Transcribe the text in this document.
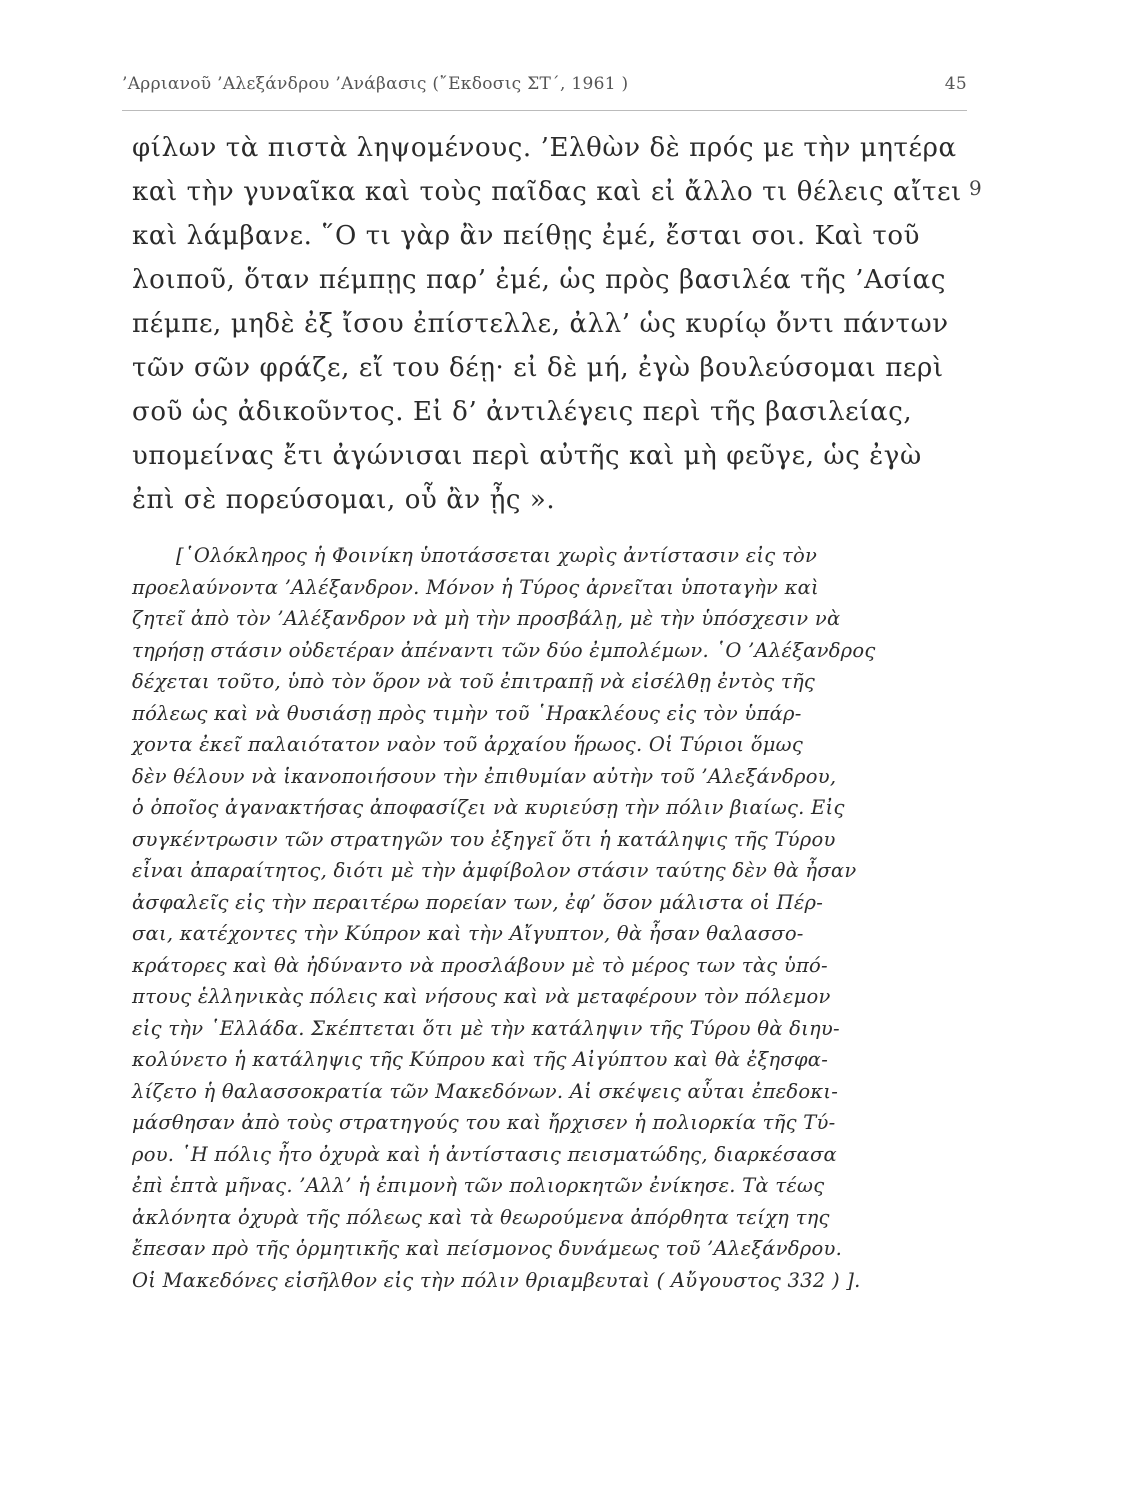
’Αρριανοῦ ’Αλεξάνδρου ’Ανάβασις (῎Εκδοσις ΣΤ΄, 1961 )	45
9
φίλων τὰ πιστὰ ληψομένους. ’Ελθὼν δὲ πρός με τὴν μητέρα
καὶ τὴν γυναῖκα καὶ τοὺς παῖδας καὶ εἰ ἄλλο τι θέλεις αἴτει
καὶ λάμβανε. ῞Ο τι γὰρ ἂν πείθῃς ἐμέ, ἔσται σοι. Καὶ τοῦ
λοιποῦ, ὅταν πέμπῃς παρ’ ἐμέ, ὡς πρὸς βασιλέα τῆς ’Ασίας
πέμπε, μηδὲ ἐξ ἴσου ἐπίστελλε, ἀλλ’ ὡς κυρίῳ ὄντι πάντων
τῶν σῶν φράζε, εἴ του δέῃ· εἰ δὲ μή, ἐγὼ βουλεύσομαι περὶ
σοῦ ὡς ἀδικοῦντος. Εἰ δ’ ἀντιλέγεις περὶ τῆς βασιλείας,
υπομείνας ἔτι ἀγώνισαι περὶ αὐτῆς καὶ μὴ φεῦγε, ὡς ἐγὼ
ἐπὶ σὲ πορεύσομαι, οὗ ἂν ᾖς ».
[῾Ολόκληρος ἡ Φοινίκη ὑποτάσσεται χωρὶς ἀντίστασιν εἰς τὸν
προελαύνοντα ’Αλέξανδρον. Μόνον ἡ Τύρος ἀρνεῖται ὑποταγὴν καὶ
ζητεῖ ἀπὸ τὸν ’Αλέξανδρον νὰ μὴ τὴν προσβάλῃ, μὲ τὴν ὑπόσχεσιν νὰ
τηρήσῃ στάσιν οὐδετέραν ἀπέναντι τῶν δύο ἐμπολέμων. ῾Ο ’Αλέξανδρος
δέχεται τοῦτο, ὑπὸ τὸν ὅρον νὰ τοῦ ἐπιτραπῇ νὰ εἰσέλθῃ ἐντὸς τῆς
πόλεως καὶ νὰ θυσιάσῃ πρὸς τιμὴν τοῦ ῾Ηρακλέους εἰς τὸν ὑπάρ-
χοντα ἐκεῖ παλαιότατον ναὸν τοῦ ἀρχαίου ἥρωος. Οἱ Τύριοι ὅμως
δὲν θέλουν νὰ ἱκανοποιήσουν τὴν ἐπιθυμίαν αὐτὴν τοῦ ’Αλεξάνδρου,
ὁ ὁποῖος ἀγανακτήσας ἀποφασίζει νὰ κυριεύσῃ τὴν πόλιν βιαίως. Εἰς
συγκέντρωσιν τῶν στρατηγῶν του ἐξηγεῖ ὅτι ἡ κατάληψις τῆς Τύρου
εἶναι ἀπαραίτητος, διότι μὲ τὴν ἀμφίβολον στάσιν ταύτης δὲν θὰ ἦσαν
ἀσφαλεῖς εἰς τὴν περαιτέρω πορείαν των, ἐφ’ ὅσον μάλιστα οἱ Πέρ-
σαι, κατέχοντες τὴν Κύπρον καὶ τὴν Αἴγυπτον, θὰ ἦσαν θαλασσο-
κράτορες καὶ θὰ ἠδύναντο νὰ προσλάβουν μὲ τὸ μέρος των τὰς ὑπό-
πτους ἑλληνικὰς πόλεις καὶ νήσους καὶ νὰ μεταφέρουν τὸν πόλεμον
εἰς τὴν ῾Ελλάδα. Σκέπτεται ὅτι μὲ τὴν κατάληψιν τῆς Τύρου θὰ διηυ-
κολύνετο ἡ κατάληψις τῆς Κύπρου καὶ τῆς Αἰγύπτου καὶ θὰ ἐξησφα-
λίζετο ἡ θαλασσοκρατία τῶν Μακεδόνων. Αἱ σκέψεις αὗται ἐπεδοκι-
μάσθησαν ἀπὸ τοὺς στρατηγούς του καὶ ἤρχισεν ἡ πολιορκία τῆς Τύ-
ρου. ῾Η πόλις ἦτο ὀχυρὰ καὶ ἡ ἀντίστασις πεισματώδης, διαρκέσασα
ἐπὶ ἑπτὰ μῆνας. ’Αλλ’ ἡ ἐπιμονὴ τῶν πολιορκητῶν ἐνίκησε. Τὰ τέως
ἀκλόνητα ὀχυρὰ τῆς πόλεως καὶ τὰ θεωρούμενα ἀπόρθητα τείχη της
ἔπεσαν πρὸ τῆς ὁρμητικῆς καὶ πείσμονος δυνάμεως τοῦ ’Αλεξάνδρου.
Οἱ Μακεδόνες εἰσῆλθον εἰς τὴν πόλιν θριαμβευταὶ ( Αὔγουστος 332 ) ].
